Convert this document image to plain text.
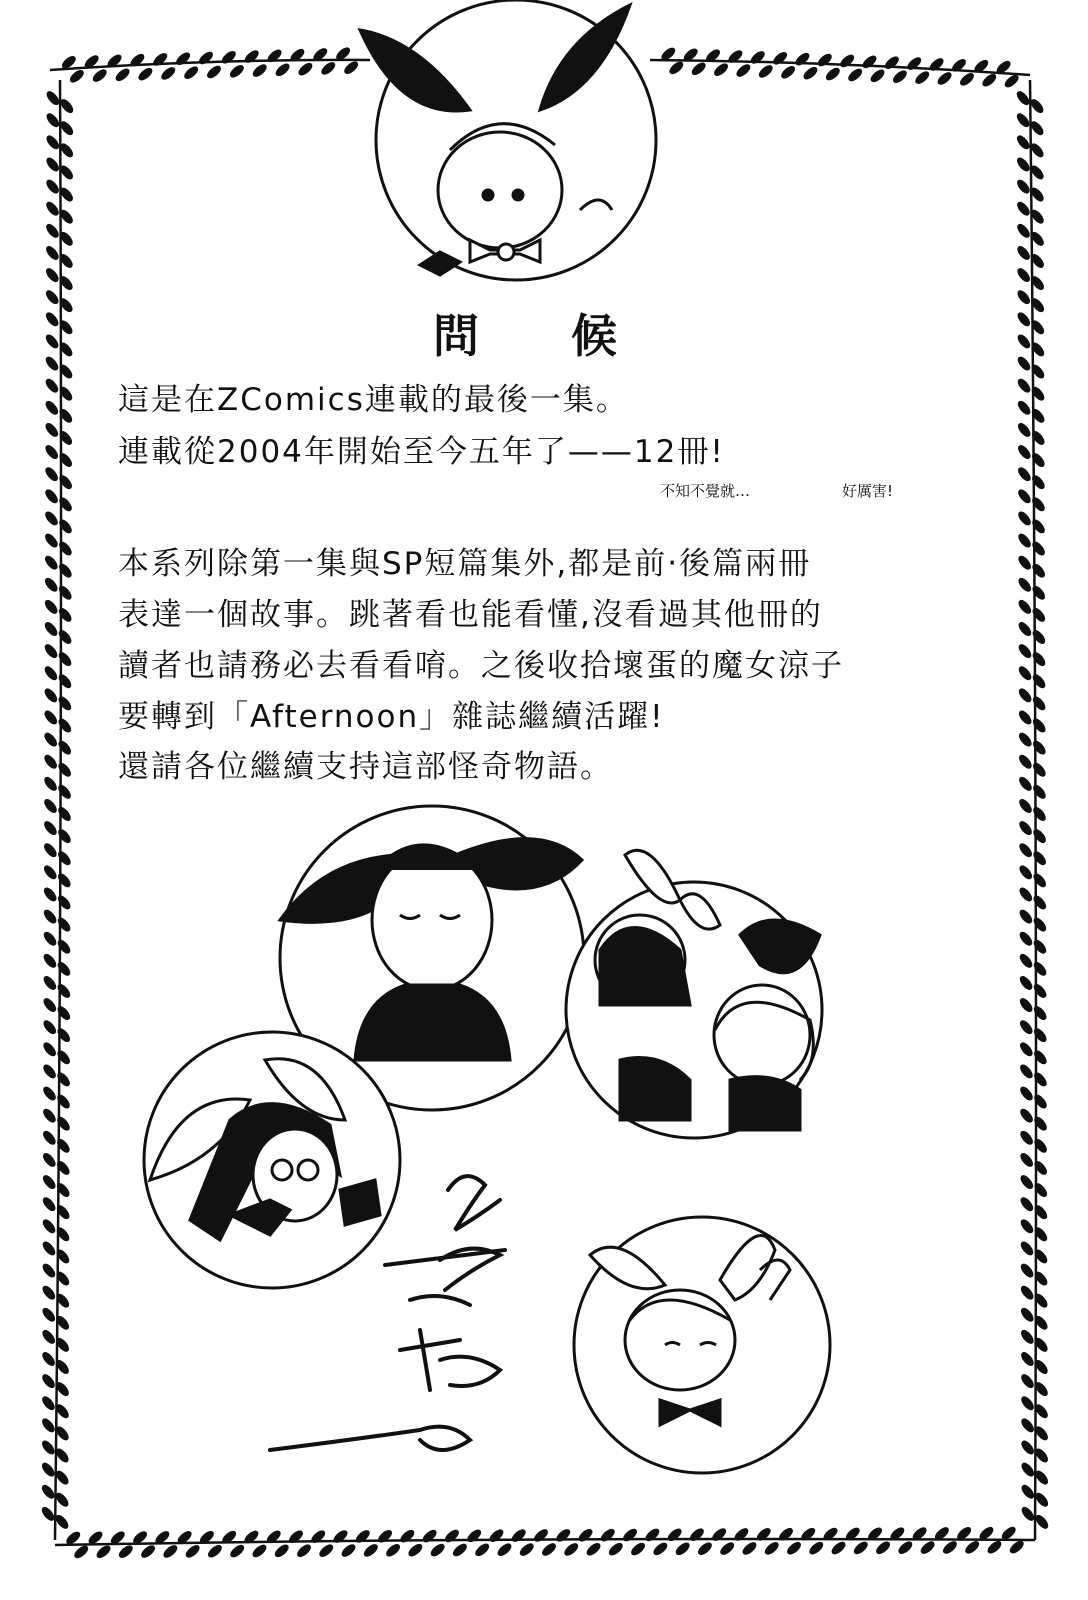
問 候
這是在ZComics連載的最後一集。
連載從2004年開始至今五年了——12冊!
不知不覺就…	好厲害!
本系列除第一集與SP短篇集外,都是前‧後篇兩冊
表達一個故事。跳著看也能看懂,沒看過其他冊的
讀者也請務必去看看唷。之後收拾壞蛋的魔女涼子
要轉到「Afternoon」雜誌繼續活躍!
還請各位繼續支持這部怪奇物語。
